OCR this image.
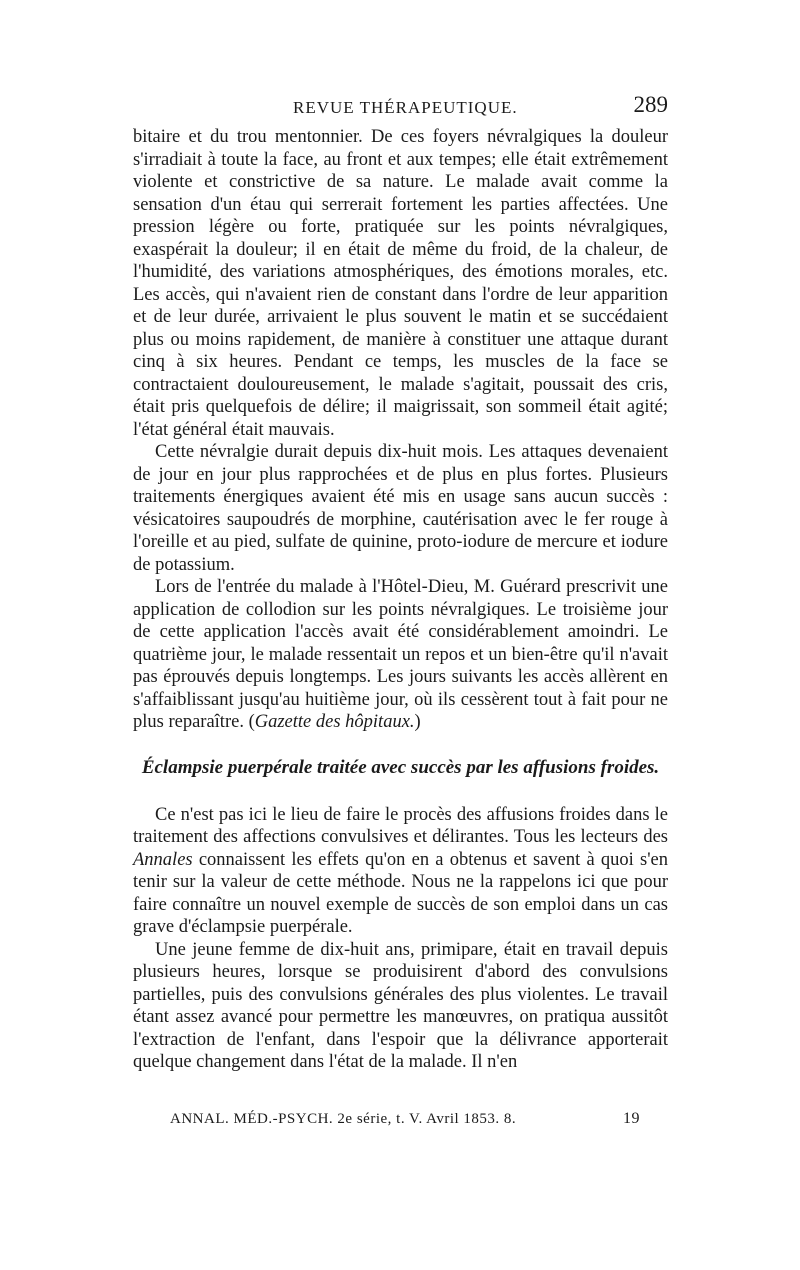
REVUE THÉRAPEUTIQUE.	289

bitaire et du trou mentonnier. De ces foyers névralgiques la douleur s'irradiait à toute la face, au front et aux tempes; elle était extrêmement violente et constrictive de sa nature. Le malade avait comme la sensation d'un étau qui serrerait fortement les parties affectées. Une pression légère ou forte, pratiquée sur les points névralgiques, exaspérait la douleur; il en était de même du froid, de la chaleur, de l'humidité, des variations atmosphériques, des émotions morales, etc. Les accès, qui n'avaient rien de constant dans l'ordre de leur apparition et de leur durée, arrivaient le plus souvent le matin et se succédaient plus ou moins rapidement, de manière à constituer une attaque durant cinq à six heures. Pendant ce temps, les muscles de la face se contractaient douloureusement, le malade s'agitait, poussait des cris, était pris quelquefois de délire; il maigrissait, son sommeil était agité; l'état général était mauvais.

Cette névralgie durait depuis dix-huit mois. Les attaques devenaient de jour en jour plus rapprochées et de plus en plus fortes. Plusieurs traitements énergiques avaient été mis en usage sans aucun succès : vésicatoires saupoudrés de morphine, cautérisation avec le fer rouge à l'oreille et au pied, sulfate de quinine, proto-iodure de mercure et iodure de potassium.

Lors de l'entrée du malade à l'Hôtel-Dieu, M. Guérard prescrivit une application de collodion sur les points névralgiques. Le troisième jour de cette application l'accès avait été considérablement amoindri. Le quatrième jour, le malade ressentait un repos et un bien-être qu'il n'avait pas éprouvés depuis longtemps. Les jours suivants les accès allèrent en s'affaiblissant jusqu'au huitième jour, où ils cessèrent tout à fait pour ne plus reparaître. (Gazette des hôpitaux.)

Éclampsie puerpérale traitée avec succès par les affusions froides.

Ce n'est pas ici le lieu de faire le procès des affusions froides dans le traitement des affections convulsives et délirantes. Tous les lecteurs des Annales connaissent les effets qu'on en a obtenus et savent à quoi s'en tenir sur la valeur de cette méthode. Nous ne la rappelons ici que pour faire connaître un nouvel exemple de succès de son emploi dans un cas grave d'éclampsie puerpérale.

Une jeune femme de dix-huit ans, primipare, était en travail depuis plusieurs heures, lorsque se produisirent d'abord des convulsions partielles, puis des convulsions générales des plus violentes. Le travail étant assez avancé pour permettre les manœuvres, on pratiqua aussitôt l'extraction de l'enfant, dans l'espoir que la délivrance apporterait quelque changement dans l'état de la malade. Il n'en

ANNAL. MÉD.-PSYCH. 2e série, t. V. Avril 1853. 8.	19
